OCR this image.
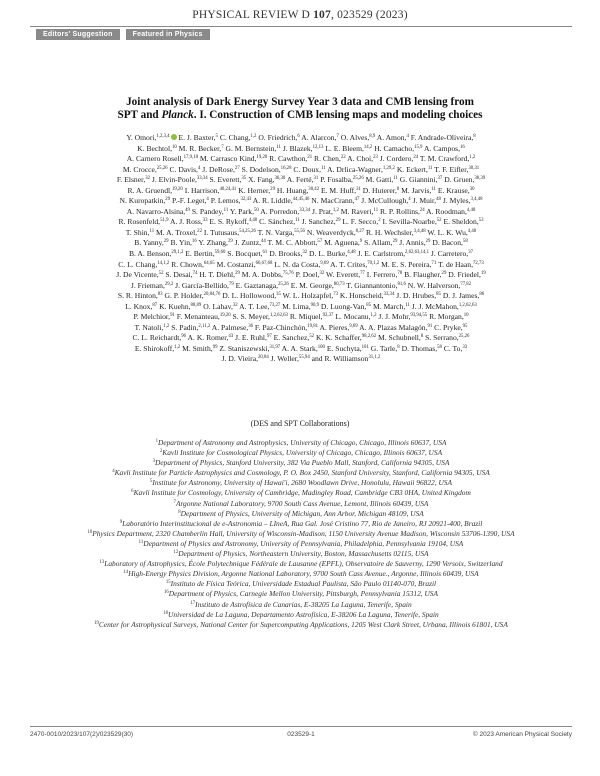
PHYSICAL REVIEW D 107, 023529 (2023)
Editors' Suggestion	Featured in Physics
Joint analysis of Dark Energy Survey Year 3 data and CMB lensing from
SPT and Planck. I. Construction of CMB lensing maps and modeling choices
Y. Omori,$^{1,2,3,4}$ E. J. Baxter,$^5$ C. Chang,$^{1,2}$ O. Friedrich,$^6$ A. Alarcon,$^7$ O. Alves,$^{8,9}$ A. Amon,$^4$ F. Andrade-Oliveira,$^8$
K. Bechtol,$^{10}$ M. R. Becker,$^7$ G. M. Bernstein,$^{11}$ J. Blazek,$^{12,13}$ L. E. Bleem,$^{14,2}$ H. Camacho,$^{15,9}$ A. Campos,$^{16}$
A. Carnero Rosell,$^{17,9,18}$ M. Carrasco Kind,$^{19,20}$ R. Cawthon,$^{21}$ R. Chen,$^{22}$ A. Choi,$^{23}$ J. Cordero,$^{24}$ T. M. Crawford,$^{1,2}$
M. Crocce,$^{25,26}$ C. Davis,$^4$ J. DeRose,$^{27}$ S. Dodelson,$^{16,28}$ C. Doux,$^{11}$ A. Drlica-Wagner,$^{1,29,2}$ K. Eckert,$^{11}$ T. F. Eifler,$^{30,31}$
F. Elsner,$^{32}$ J. Elvin-Poole,$^{33,34}$ S. Everett,$^{35}$ X. Fang,$^{36,30}$ A. Ferté,$^{31}$ P. Fosalba,$^{25,26}$ M. Gatti,$^{11}$ G. Giannini,$^{37}$ D. Gruen,$^{38,39}$
R. A. Gruendl,$^{19,20}$ I. Harrison,$^{40,24,41}$ K. Herner,$^{29}$ H. Huang,$^{30,42}$ E. M. Huff,$^{31}$ D. Huterer,$^8$ M. Jarvis,$^{11}$ E. Krause,$^{30}$
N. Kuropatkin,$^{29}$ P.-F. Leget,$^4$ P. Lemos,$^{32,43}$ A. R. Liddle,$^{44,45,46}$ N. MacCrann,$^{47}$ J. McCullough,$^4$ J. Muir,$^{48}$ J. Myles,$^{3,4,48}$
A. Navarro-Alsina,$^{49}$ S. Pandey,$^{11}$ Y. Park,$^{50}$ A. Porredon,$^{33,34}$ J. Prat,$^{1,2}$ M. Raveri,$^{11}$ R. P. Rollins,$^{24}$ A. Roodman,$^{4,48}$
R. Rosenfeld,$^{51,9}$ A. J. Ross,$^{33}$ E. S. Rykoff,$^{4,48}$ C. Sánchez,$^{11}$ J. Sanchez,$^{29}$ L. F. Secco,$^2$ I. Sevilla-Noarbe,$^{52}$ E. Sheldon,$^{53}$
T. Shin,$^{11}$ M. A. Troxel,$^{22}$ I. Tutusaus,$^{54,25,26}$ T. N. Varga,$^{55,56}$ N. Weaverdyck,$^{8,27}$ R. H. Wechsler,$^{3,4,48}$ W. L. K. Wu,$^{4,48}$
B. Yanny,$^{29}$ B. Yin,$^{16}$ Y. Zhang,$^{29}$ J. Zuntz,$^{44}$ T. M. C. Abbott,$^{57}$ M. Aguena,$^9$ S. Allam,$^{29}$ J. Annis,$^{29}$ D. Bacon,$^{58}$
B. A. Benson,$^{29,1,2}$ E. Bertin,$^{59,60}$ S. Bocquet,$^{61}$ D. Brooks,$^{32}$ D. L. Burke,$^{4,48}$ J. E. Carlstrom,$^{2,62,63,14,1}$ J. Carretero,$^{37}$
C. L. Chang,$^{14,1,2}$ R. Chown,$^{64,65}$ M. Costanzi,$^{66,67,68}$ L. N. da Costa,$^{9,69}$ A. T. Crites,$^{70,1,2}$ M. E. S. Pereira,$^{71}$ T. de Haan,$^{72,73}$
J. De Vicente,$^{52}$ S. Desai,$^{74}$ H. T. Diehl,$^{29}$ M. A. Dobbs,$^{75,76}$ P. Doel,$^{32}$ W. Everett,$^{77}$ I. Ferrero,$^{78}$ B. Flaugher,$^{29}$ D. Friedel,$^{19}$
J. Frieman,$^{29,2}$ J. García-Bellido,$^{79}$ E. Gaztanaga,$^{25,26}$ E. M. George,$^{80,73}$ T. Giannantonio,$^{81,6}$ N. W. Halverson,$^{77,82}$
S. R. Hinton,$^{83}$ G. P. Holder,$^{20,84,76}$ D. L. Hollowood,$^{35}$ W. L. Holzapfel,$^{73}$ K. Honscheid,$^{33,34}$ J. D. Hrubes,$^{85}$ D. J. James,$^{86}$
L. Knox,$^{87}$ K. Kuehn,$^{88,89}$ O. Lahav,$^{32}$ A. T. Lee,$^{73,27}$ M. Lima,$^{90,9}$ D. Luong-Van,$^{85}$ M. March,$^{11}$ J. J. McMahon,$^{1,2,62,63}$
P. Melchior,$^{91}$ F. Menanteau,$^{19,20}$ S. S. Meyer,$^{1,2,62,63}$ R. Miquel,$^{92,37}$ L. Mocanu,$^{1,2}$ J. J. Mohr,$^{93,94,55}$ R. Morgan,$^{10}$
T. Natoli,$^{1,2}$ S. Padin,$^{2,11,2}$ A. Palmese,$^{36}$ F. Paz-Chinchón,$^{19,81}$ A. Pieres,$^{9,69}$ A. A. Plazas Malagón,$^{91}$ C. Pryke,$^{95}$
C. L. Reichardt,$^{96}$ A. K. Romer,$^{43}$ J. E. Ruhl,$^{97}$ E. Sanchez,$^{52}$ K. K. Schaffer,$^{98,2,62}$ M. Schubnell,$^8$ S. Serrano,$^{25,26}$
E. Shirokoff,$^{1,2}$ M. Smith,$^{99}$ Z. Staniszewski,$^{31,97}$ A. A. Stark,$^{100}$ E. Suchyta,$^{101}$ G. Tarle,$^8$ D. Thomas,$^{58}$ C. To,$^{33}$
J. D. Vieira,$^{20,84}$ J. Weller,$^{55,94}$ and R. Williamson$^{31,1,2}$
(DES and SPT Collaborations)
$^1$Department of Astronomy and Astrophysics, University of Chicago, Chicago, Illinois 60637, USA
$^2$Kavli Institute for Cosmological Physics, University of Chicago, Chicago, Illinois 60637, USA
$^3$Department of Physics, Stanford University, 382 Via Pueblo Mall, Stanford, California 94305, USA
$^4$Kavli Institute for Particle Astrophysics and Cosmology, P. O. Box 2450, Stanford University, Stanford, California 94305, USA
$^5$Institute for Astronomy, University of Hawai'i, 2680 Woodlawn Drive, Honolulu, Hawaii 96822, USA
$^6$Kavli Institute for Cosmology, University of Cambridge, Madingley Road, Cambridge CB3 0HA, United Kingdom
$^7$Argonne National Laboratory, 9700 South Cass Avenue, Lemont, Illinois 60439, USA
$^8$Department of Physics, University of Michigan, Ann Arbor, Michigan 48109, USA
$^9$Laboratório Interinstitucional de e-Astronomia – LIneA, Rua Gal. José Cristino 77, Rio de Janeiro, RJ 20921-400, Brazil
$^{10}$Physics Department, 2320 Chamberlin Hall, University of Wisconsin-Madison, 1150 University Avenue Madison, Wisconsin 53706-1390, USA
$^{11}$Department of Physics and Astronomy, University of Pennsylvania, Philadelphia, Pennsylvania 19104, USA
$^{12}$Department of Physics, Northeastern University, Boston, Massachusetts 02115, USA
$^{13}$Laboratory of Astrophysics, École Polytechnique Fédérale de Lausanne (EPFL), Observatoire de Sauverny, 1290 Versoix, Switzerland
$^{14}$High-Energy Physics Division, Argonne National Laboratory, 9700 South Cass Avenue., Argonne, Illinois 60439, USA
$^{15}$Instituto de Física Teórica, Universidade Estadual Paulista, São Paulo 01140-070, Brazil
$^{16}$Department of Physics, Carnegie Mellon University, Pittsburgh, Pennsylvania 15312, USA
$^{17}$Instituto de Astrofísica de Canarias, E-38205 La Laguna, Tenerife, Spain
$^{18}$Universidad de La Laguna, Departamento Astrofísica, E-38206 La Laguna, Tenerife, Spain
$^{19}$Center for Astrophysical Surveys, National Center for Supercomputing Applications, 1205 West Clark Street, Urbana, Illinois 61801, USA
2470-0010/2023/107(2)/023529(30)	023529-1	© 2023 American Physical Society
